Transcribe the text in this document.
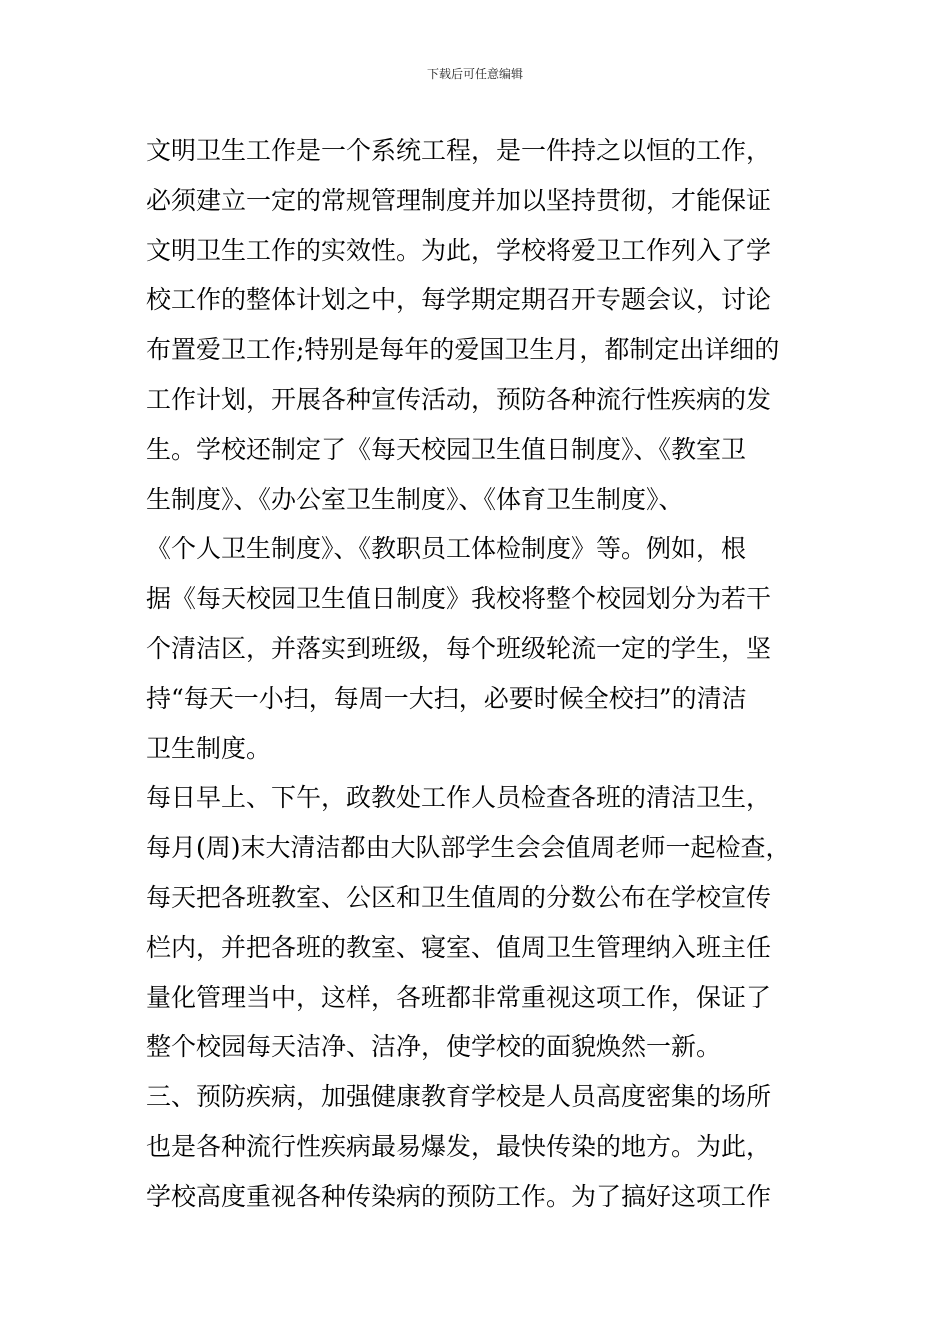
下载后可任意编辑
文明卫生工作是一个系统工程，是一件持之以恒的工作，
必须建立一定的常规管理制度并加以坚持贯彻，才能保证
文明卫生工作的实效性。为此，学校将爱卫工作列入了学
校工作的整体计划之中，每学期定期召开专题会议，讨论
布置爱卫工作;特别是每年的爱国卫生月，都制定出详细的
工作计划，开展各种宣传活动，预防各种流行性疾病的发
生。学校还制定了《每天校园卫生值日制度》、《教室卫
生制度》、《办公室卫生制度》、《体育卫生制度》、
《个人卫生制度》、《教职员工体检制度》等。例如，根
据《每天校园卫生值日制度》我校将整个校园划分为若干
个清洁区，并落实到班级，每个班级轮流一定的学生，坚
持“每天一小扫，每周一大扫，必要时候全校扫”的清洁
卫生制度。
每日早上、下午，政教处工作人员检查各班的清洁卫生，
每月(周)末大清洁都由大队部学生会会值周老师一起检查，
每天把各班教室、公区和卫生值周的分数公布在学校宣传
栏内，并把各班的教室、寝室、值周卫生管理纳入班主任
量化管理当中，这样，各班都非常重视这项工作，保证了
整个校园每天洁净、洁净，使学校的面貌焕然一新。
三、预防疾病，加强健康教育学校是人员高度密集的场所
也是各种流行性疾病最易爆发，最快传染的地方。为此，
学校高度重视各种传染病的预防工作。为了搞好这项工作
